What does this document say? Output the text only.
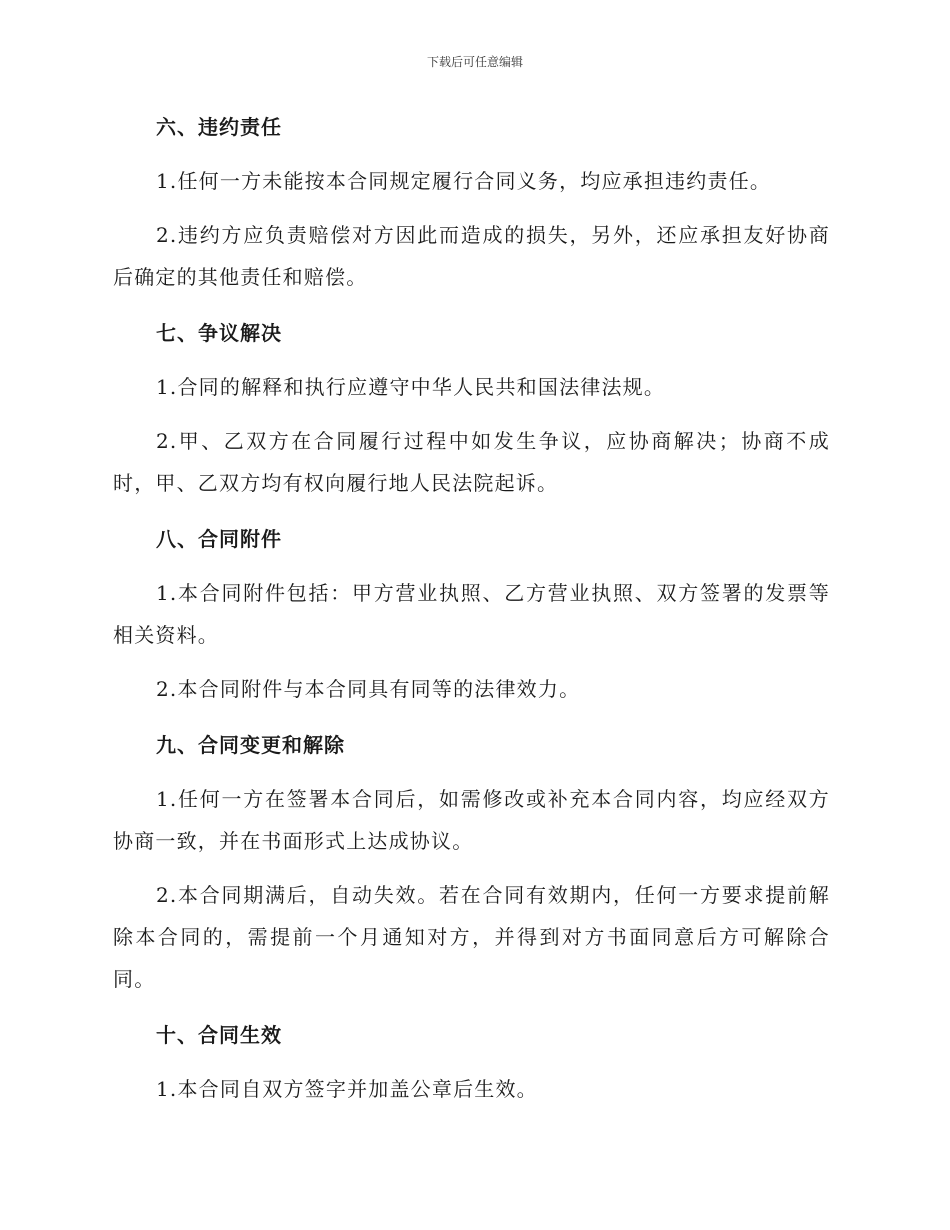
下载后可任意编辑

六、违约责任

1.任何一方未能按本合同规定履行合同义务，均应承担违约责任。

2.违约方应负责赔偿对方因此而造成的损失，另外，还应承担友好协商后确定的其他责任和赔偿。

七、争议解决

1.合同的解释和执行应遵守中华人民共和国法律法规。

2.甲、乙双方在合同履行过程中如发生争议，应协商解决；协商不成时，甲、乙双方均有权向履行地人民法院起诉。

八、合同附件

1.本合同附件包括：甲方营业执照、乙方营业执照、双方签署的发票等相关资料。

2.本合同附件与本合同具有同等的法律效力。

九、合同变更和解除

1.任何一方在签署本合同后，如需修改或补充本合同内容，均应经双方协商一致，并在书面形式上达成协议。

2.本合同期满后，自动失效。若在合同有效期内，任何一方要求提前解除本合同的，需提前一个月通知对方，并得到对方书面同意后方可解除合同。

十、合同生效

1.本合同自双方签字并加盖公章后生效。
